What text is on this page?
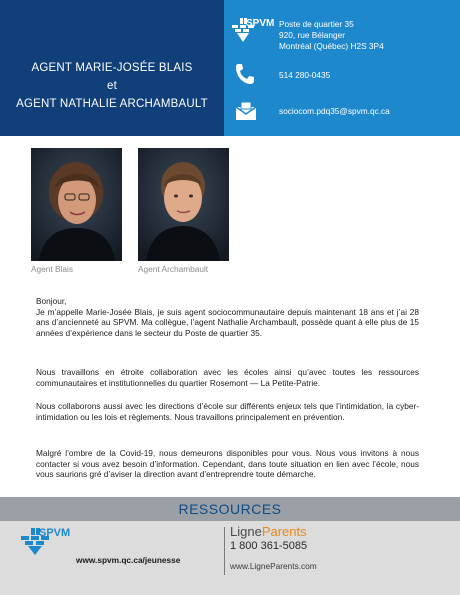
AGENT MARIE-JOSÉE BLAIS
et
AGENT NATHALIE ARCHAMBAULT
SPVM Poste de quartier 35
920, rue Bélanger
Montréal (Québec) H2S 3P4
514 280-0435
sociocom.pdq35@spvm.qc.ca
Agent Blais	Agent Archambault

Bonjour,
Je m’appelle Marie-Josée Blais, je suis agent sociocommunautaire depuis maintenant 18 ans et j’ai 28 ans d’ancienneté au SPVM. Ma collègue, l’agent Nathalie Archambault, possède quant à elle plus de 15 années d’expérience dans le secteur du Poste de quartier 35.

Nous travaillons en étroite collaboration avec les écoles ainsi qu’avec toutes les ressources communautaires et institutionnelles du quartier Rosemont — La Petite-Patrie.

Nous collaborons aussi avec les directions d’école sur différents enjeux tels que l’intimidation, la cyber-intimidation ou les lois et règlements. Nous travaillons principalement en prévention.

Malgré l’ombre de la Covid-19, nous demeurons disponibles pour vous. Nous vous invitons à nous contacter si vous avez besoin d’information. Cependant, dans toute situation en lien avec l’école, nous vous saurions gré d’aviser la direction avant d’entreprendre toute démarche.

RESSOURCES
SPVM
www.spvm.qc.ca/jeunesse
LigneParents
1 800 361-5085
www.LigneParents.com
